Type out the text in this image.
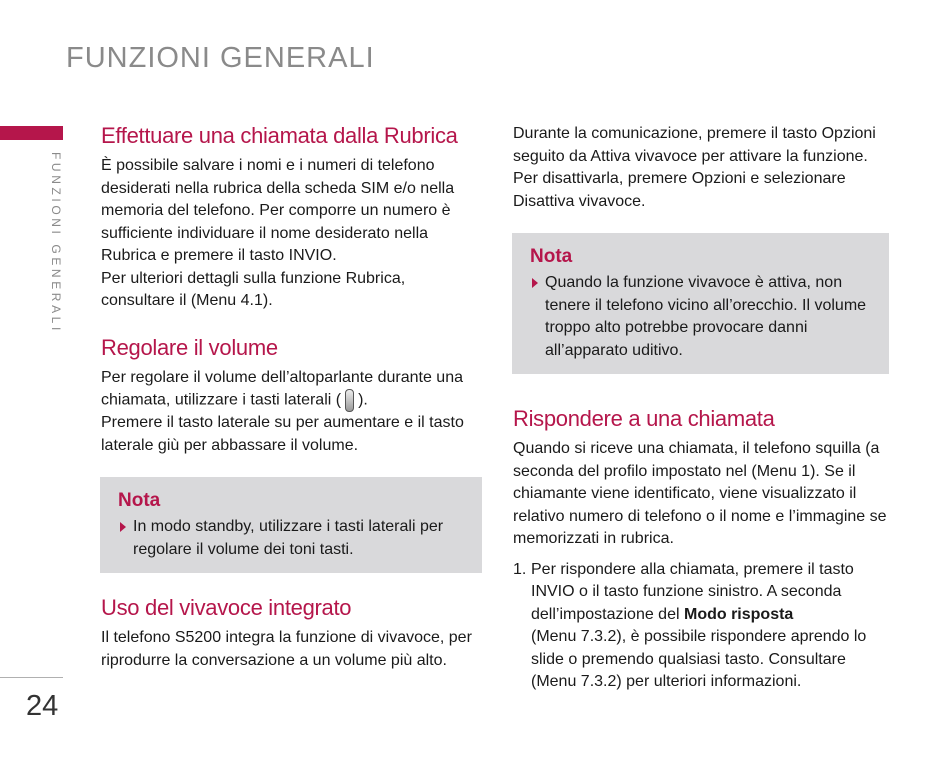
FUNZIONI GENERALI
FUNZIONI GENERALI
24
Effettuare una chiamata dalla Rubrica

È possibile salvare i nomi e i numeri di telefono desiderati nella rubrica della scheda SIM e/o nella memoria del telefono. Per comporre un numero è sufficiente individuare il nome desiderato nella Rubrica e premere il tasto INVIO.

Per ulteriori dettagli sulla funzione Rubrica, consultare il (Menu 4.1).

Regolare il volume

Per regolare il volume dell’altoparlante durante una chiamata, utilizzare i tasti laterali ( ).

Premere il tasto laterale su per aumentare e il tasto laterale giù per abbassare il volume.

Nota
In modo standby, utilizzare i tasti laterali per regolare il volume dei toni tasti.
Uso del vivavoce integrato

Il telefono S5200 integra la funzione di vivavoce, per riprodurre la conversazione a un volume più alto.

Durante la comunicazione, premere il tasto Opzioni seguito da Attiva vivavoce per attivare la funzione. Per disattivarla, premere Opzioni e selezionare Disattiva vivavoce.

Nota
Quando la funzione vivavoce è attiva, non tenere il telefono vicino all’orecchio. Il volume troppo alto potrebbe provocare danni all’apparato uditivo.
Rispondere a una chiamata

Quando si riceve una chiamata, il telefono squilla (a seconda del profilo impostato nel (Menu 1). Se il chiamante viene identificato, viene visualizzato il relativo numero di telefono o il nome e l’immagine se memorizzati in rubrica.

1. Per rispondere alla chiamata, premere il tasto INVIO o il tasto funzione sinistro. A seconda dell’impostazione del Modo risposta
(Menu 7.3.2), è possibile rispondere aprendo lo slide o premendo qualsiasi tasto. Consultare (Menu 7.3.2) per ulteriori informazioni.
